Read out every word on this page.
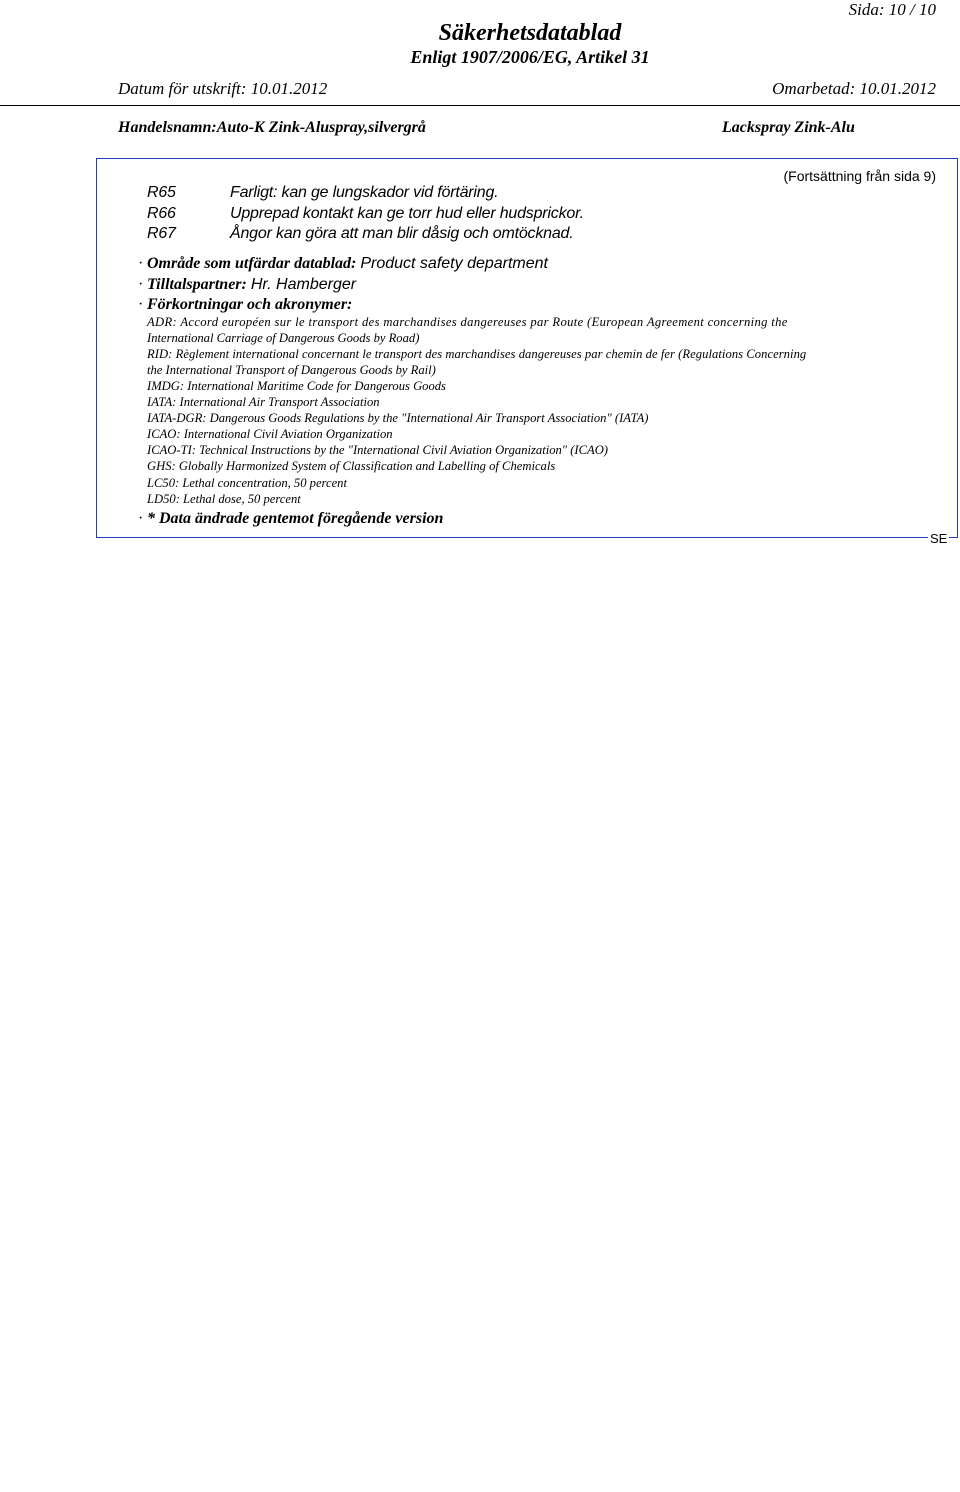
Sida: 10 / 10
Säkerhetsdatablad
Enligt 1907/2006/EG, Artikel 31
Datum för utskrift: 10.01.2012	Omarbetad: 10.01.2012
Handelsnamn:Auto-K Zink-Aluspray,silvergrå	Lackspray Zink-Alu
(Fortsättning från sida 9)
R65	Farligt: kan ge lungskador vid förtäring.
R66	Upprepad kontakt kan ge torr hud eller hudsprickor.
R67	Ångor kan göra att man blir dåsig och omtöcknad.
· Område som utfärdar datablad: Product safety department
· Tilltalspartner: Hr. Hamberger
· Förkortningar och akronymer:
ADR: Accord européen sur le transport des marchandises dangereuses par Route (European Agreement concerning the
International Carriage of Dangerous Goods by Road)
RID: Règlement international concernant le transport des marchandises dangereuses par chemin de fer (Regulations Concerning
the International Transport of Dangerous Goods by Rail)
IMDG: International Maritime Code for Dangerous Goods
IATA: International Air Transport Association
IATA-DGR: Dangerous Goods Regulations by the "International Air Transport Association" (IATA)
ICAO: International Civil Aviation Organization
ICAO-TI: Technical Instructions by the "International Civil Aviation Organization" (ICAO)
GHS: Globally Harmonized System of Classification and Labelling of Chemicals
LC50: Lethal concentration, 50 percent
LD50: Lethal dose, 50 percent
· * Data ändrade gentemot föregående version
SE
